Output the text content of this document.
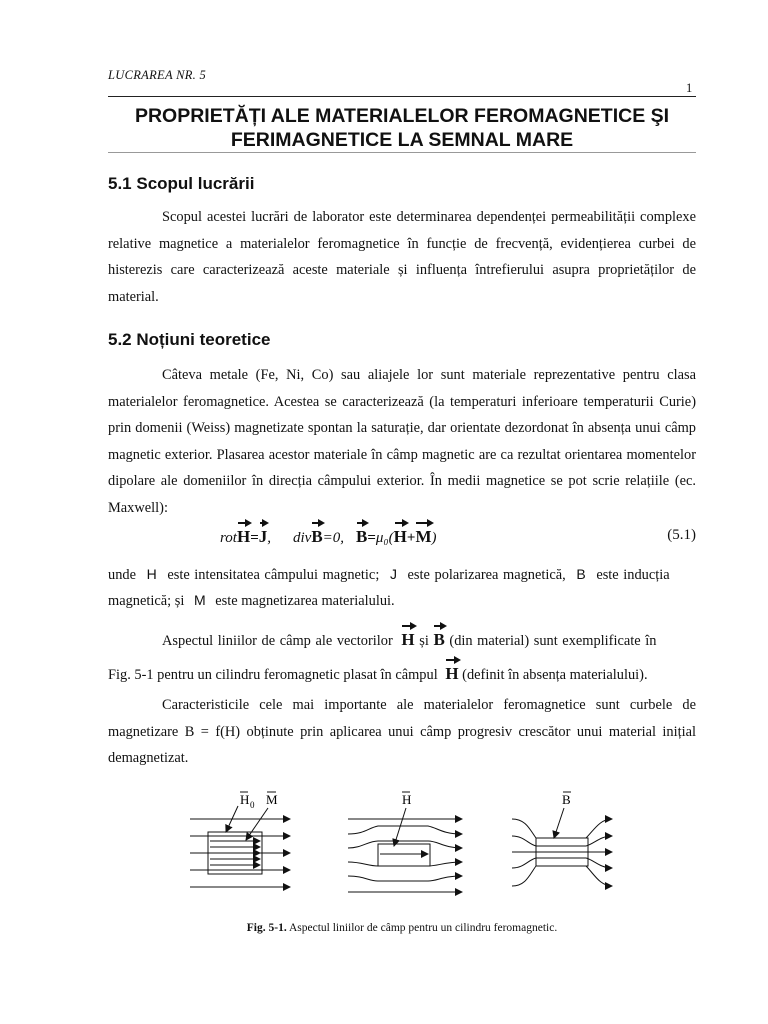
LUCRAREA NR. 5
1
PROPRIETĂȚI ALE MATERIALELOR FEROMAGNETICE ŞI
FERIMAGNETICE LA SEMNAL MARE
5.1 Scopul lucrării
Scopul acestei lucrări de laborator este determinarea dependenței permeabilității complexe relative magnetice a materialelor feromagnetice în funcție de frecvență, evidențierea curbei de histerezis care caracterizează aceste materiale și influența întrefierului asupra proprietăților de material.
5.2 Noțiuni teoretice
Câteva metale (Fe, Ni, Co) sau aliajele lor sunt materiale reprezentative pentru clasa materialelor feromagnetice. Acestea se caracterizează (la temperaturi inferioare temperaturii Curie) prin domenii (Weiss) magnetizate spontan la saturație, dar orientate dezordonat în absența unui câmp magnetic exterior. Plasarea acestor materiale în câmp magnetic are ca rezultat orientarea momentelor dipolare ale domeniilor în direcția câmpului exterior. În medii magnetice se pot scrie relațiile (ec. Maxwell):
rotH=J, divB=0, B=μ₀(H+M)	(5.1)
unde H este intensitatea câmpului magnetic; J este polarizarea magnetică, B este inducția
magnetică; și M este magnetizarea materialului.
Aspectul liniilor de câmp ale vectorilor H și B (din material) sunt exemplificate în
Fig. 5-1 pentru un cilindru feromagnetic plasat în câmpul H (definit în absența materialului).
Caracteristicile cele mai importante ale materialelor feromagnetice sunt curbele de magnetizare B = f(H) obținute prin aplicarea unui câmp progresiv crescător unui material inițial demagnetizat.
H 0 M	H	B
Fig. 5-1. Aspectul liniilor de câmp pentru un cilindru feromagnetic.
